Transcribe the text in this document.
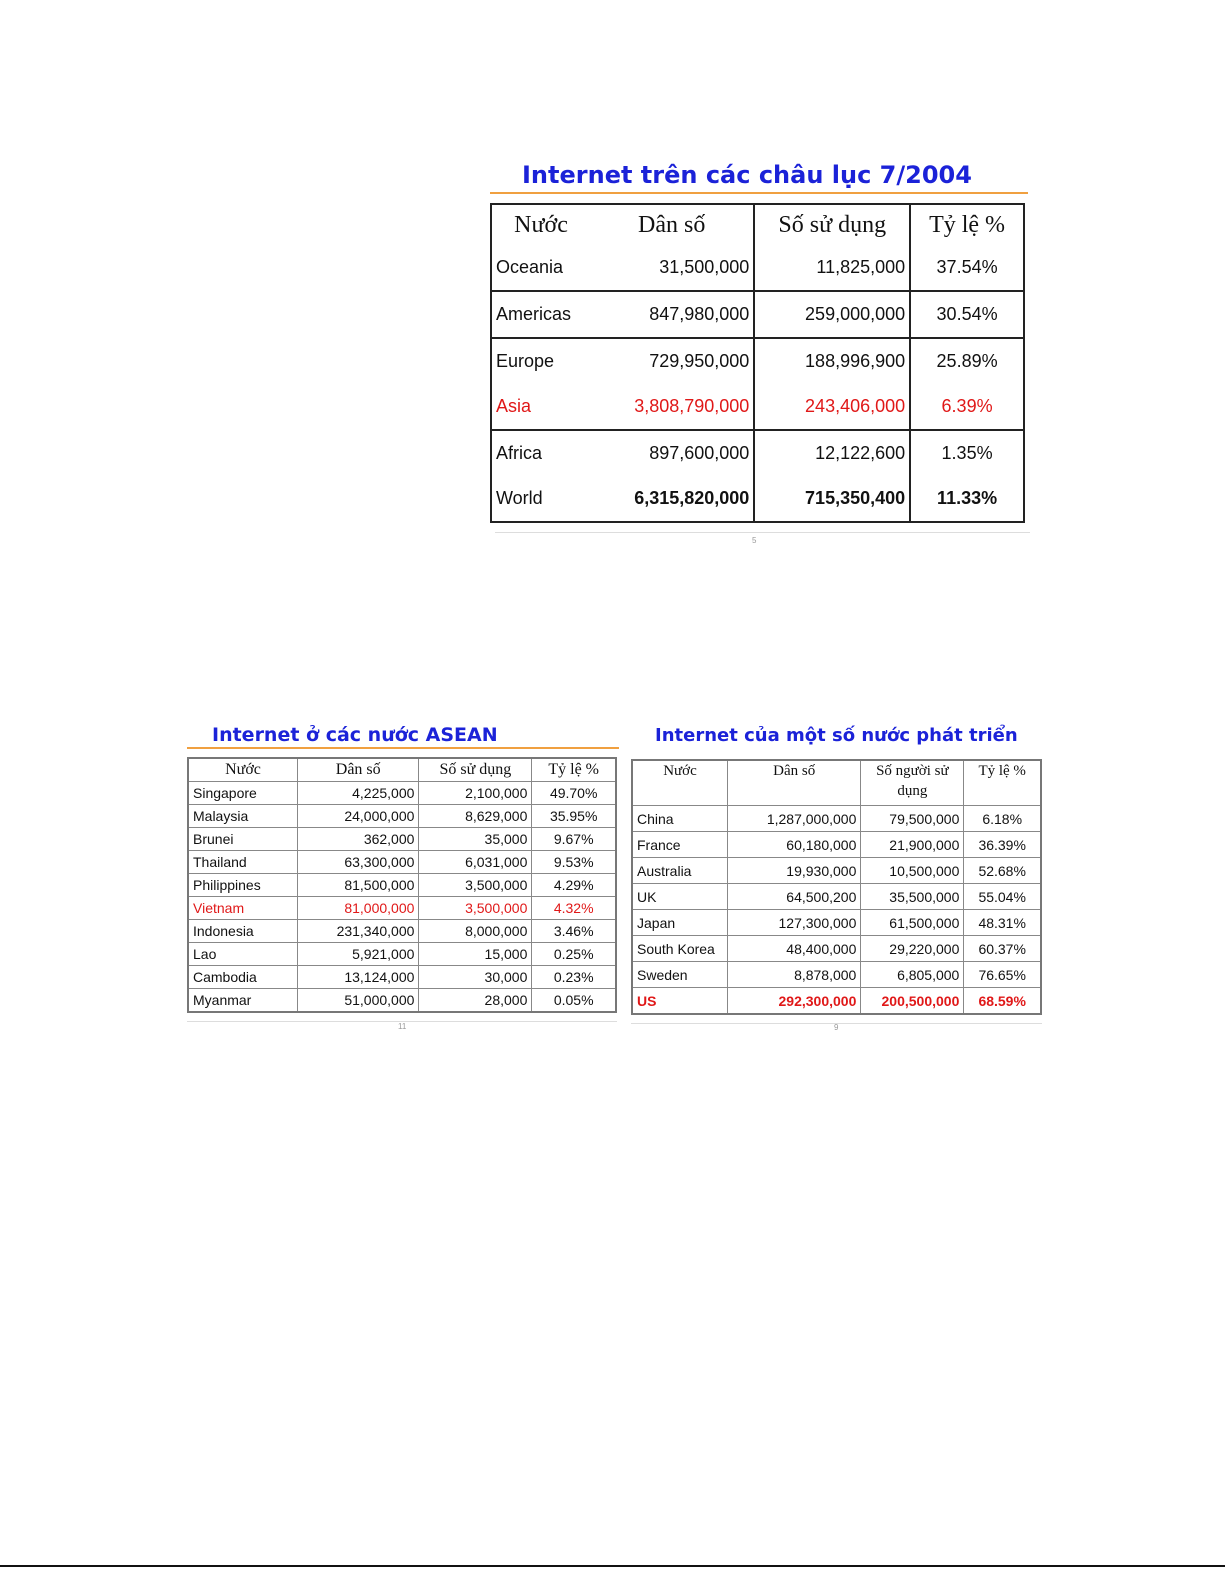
Internet trên các châu lục 7/2004
Nước	Dân số	Số sử dụng	Tỷ lệ %
Oceania	31,500,000	11,825,000	37.54%
Americas	847,980,000	259,000,000	30.54%
Europe	729,950,000	188,996,900	25.89%
Asia	3,808,790,000	243,406,000	6.39%
Africa	897,600,000	12,122,600	1.35%
World	6,315,820,000	715,350,400	11.33%
5
Internet ở các nước ASEAN
Nước	Dân số	Số sử dụng	Tỷ lệ %
Singapore	4,225,000	2,100,000	49.70%
Malaysia	24,000,000	8,629,000	35.95%
Brunei	362,000	35,000	9.67%
Thailand	63,300,000	6,031,000	9.53%
Philippines	81,500,000	3,500,000	4.29%
Vietnam	81,000,000	3,500,000	4.32%
Indonesia	231,340,000	8,000,000	3.46%
Lao	5,921,000	15,000	0.25%
Cambodia	13,124,000	30,000	0.23%
Myanmar	51,000,000	28,000	0.05%
11
Internet của một số nước phát triển
Nước	Dân số	Số người sử dụng	Tỷ lệ %
China	1,287,000,000	79,500,000	6.18%
France	60,180,000	21,900,000	36.39%
Australia	19,930,000	10,500,000	52.68%
UK	64,500,200	35,500,000	55.04%
Japan	127,300,000	61,500,000	48.31%
South Korea	48,400,000	29,220,000	60.37%
Sweden	8,878,000	6,805,000	76.65%
US	292,300,000	200,500,000	68.59%
9
